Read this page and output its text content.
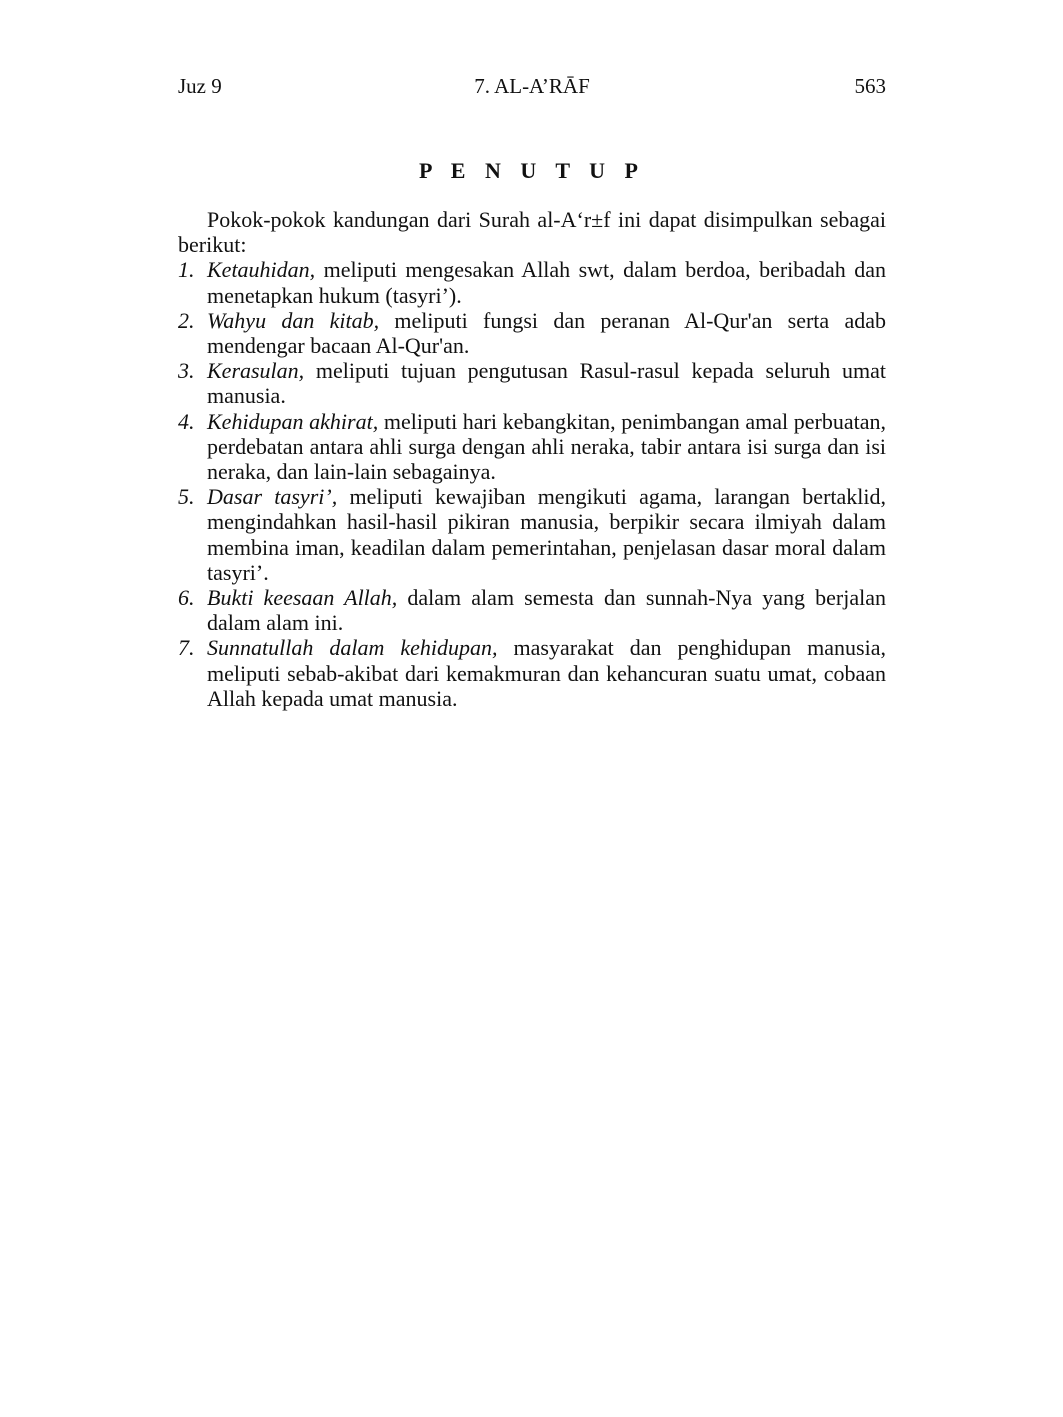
Juz 9	7. AL-A’RĀF	563
P E N U T U P

Pokok-pokok kandungan dari Surah al-A‘r±f ini dapat disimpulkan sebagai berikut:

1. Ketauhidan, meliputi mengesakan Allah swt, dalam berdoa, beribadah dan menetapkan hukum (tasyri’).
2. Wahyu dan kitab, meliputi fungsi dan peranan Al-Qur'an serta adab mendengar bacaan Al-Qur'an.
3. Kerasulan, meliputi tujuan pengutusan Rasul-rasul kepada seluruh umat manusia.
4. Kehidupan akhirat, meliputi hari kebangkitan, penimbangan amal perbuatan, perdebatan antara ahli surga dengan ahli neraka, tabir antara isi surga dan isi neraka, dan lain-lain sebagainya.
5. Dasar tasyri’, meliputi kewajiban mengikuti agama, larangan bertaklid, mengindahkan hasil-hasil pikiran manusia, berpikir secara ilmiyah dalam membina iman, keadilan dalam pemerintahan, penjelasan dasar moral dalam tasyri’.
6. Bukti keesaan Allah, dalam alam semesta dan sunnah-Nya yang berjalan dalam alam ini.
7. Sunnatullah dalam kehidupan, masyarakat dan penghidupan manusia, meliputi sebab-akibat dari kemakmuran dan kehancuran suatu umat, cobaan Allah kepada umat manusia.
